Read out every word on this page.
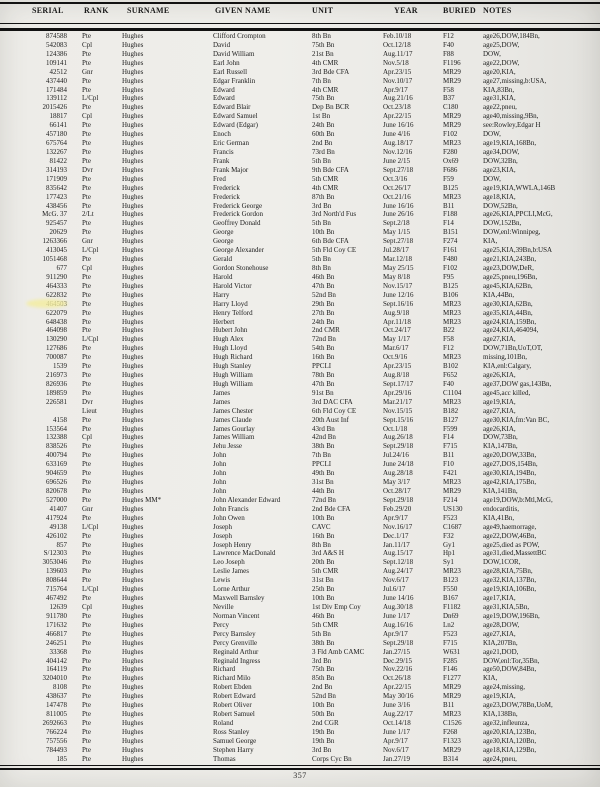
SERIAL	RANK SURNAME	GIVEN NAME	UNIT	YEAR	BURIED NOTES
874588	Pte	Hughes	Clifford Crompton	8th Bn	Feb.10/18	F12	age26,DOW,184Bn,
542083	Cpl	Hughes	David	75th Bn	Oct.12/18	F40	age25,DOW,
124386	Pte	Hughes	David William	21st Bn	Aug.11/17	F88	DOW,
109141	Pte	Hughes	Earl John	4th CMR	Nov.5/18	F1196	age22,DOW,
42512	Gnr	Hughes	Earl Russell	3rd Bde CFA	Apr.23/15	MR29	age20,KIA,
437440	Pte	Hughes	Edgar Franklin	7th Bn	Nov.10/17	MR29	age27,missing,b:USA,
171484	Pte	Hughes	Edward	4th CMR	Apr.9/17	F58	KIA,83Bn,
139112	L/Cpl	Hughes	Edward	75th Bn	Aug.21/16	B37	age31,KIA,
2015426	Pte	Hughes	Edward Blair	Dep Bn BCR	Oct.23/18	C180	age22,pneu,
18817	Cpl	Hughes	Edward Samuel	1st Bn	Apr.22/15	MR29	age40,missing,9Bn,
66141	Pte	Hughes	Edward (Edgar)	24th Bn	June 16/16	MR29	see:Rowley,Edgar H
457180	Pte	Hughes	Enoch	60th Bn	June 4/16	F102	DOW,
675764	Pte	Hughes	Eric German	2nd Bn	Aug.18/17	MR23	age19,KIA,168Bn,
132267	Pte	Hughes	Francis	73rd Bn	Nov.12/16	F280	age34,DOW,
81422	Pte	Hughes	Frank	5th Bn	June 2/15	Ox69	DOW,32Bn,
314193	Dvr	Hughes	Frank Major	9th Bde CFA	Sept.27/18	F686	age23,KIA,
171909	Pte	Hughes	Fred	5th CMR	Oct.3/16	F59	DOW,
835642	Pte	Hughes	Frederick	4th CMR	Oct.26/17	B125	age19,KIA,WWLA,146B
177423	Pte	Hughes	Frederick	87th Bn	Oct.21/16	MR23	age18,KIA,
438456	Pte	Hughes	Frederick George	3rd Bn	June 16/16	B11	DOW,52Bn,
McG. 37	2/Lt	Hughes	Frederick Gordon	3rd North'd Fus	June 26/16	F188	age26,KIA,PPCLI,McG,
925457	Pte	Hughes	Geoffrey Donald	5th Bn	Sept.2/18	F14	DOW,152Bn,
20629	Pte	Hughes	George	10th Bn	May 1/15	B151	DOW,enl:Winnipeg,
1263366	Gnr	Hughes	George	6th Bde CFA	Sept.27/18	F274	KIA,
413045	L/Cpl	Hughes	George Alexander	5th Fld Coy CE	Jul.28/17	F161	age25,KIA,39Bn,b:USA
1051468	Pte	Hughes	Gerald	5th Bn	Mar.12/18	F480	age21,KIA,243Bn,
677	Cpl	Hughes	Gordon Stonehouse	8th Bn	May 25/15	F102	age23,DOW,DeR,
911290	Pte	Hughes	Harold	46th Bn	May 8/18	F95	age25,pneu,196Bn,
464333	Pte	Hughes	Harold Victor	47th Bn	Nov.15/17	B125	age45,KIA,62Bn,
622832	Pte	Hughes	Harry	52nd Bn	June 12/16	B106	KIA,44Bn,
	Pte	Hughes	Harry Lloyd	29th Bn	Sept.16/16	MR23	age30,KIA,62Bn,
622079	Pte	Hughes	Henry Telford	27th Bn	Aug.9/18	MR23	age35,KIA,44Bn,
648438	Pte	Hughes	Herbert	24th Bn	Apr.11/18	MR23	age24,KIA,159Bn,
464098	Pte	Hughes	Hubert John	2nd CMR	Oct.24/17	B22	age24,KIA,464094,
130290	L/Cpl	Hughes	Hugh Alex	72nd Bn	May 1/17	F58	age27,KIA,
127686	Pte	Hughes	Hugh Lloyd	54th Bn	Mar.6/17	F12	DOW,71Bn,UoT,OT,
700087	Pte	Hughes	Hugh Richard	16th Bn	Oct.9/16	MR23	missing,101Bn,
1539	Pte	Hughes	Hugh Stanley	PPCLI	Apr.23/15	B102	KIA,enl:Calgary,
216973	Pte	Hughes	Hugh William	78th Bn	Aug.8/18	F652	age26,KIA,
826936	Pte	Hughes	Hugh William	47th Bn	Sept.17/17	F40	age37,DOW gas,143Bn,
189859	Pte	Hughes	James	91st Bn	Apr.29/16	C1104	age45,acc killed,
226581	Dvr	Hughes	James	3rd DAC CFA	Mar.21/17	MR23	age19,KIA,
	Lieut	Hughes	James Chester	6th Fld Coy CE	Nov.15/15	B182	age27,KIA,
4158	Pte	Hughes	James Claude	20th Aust Inf	Sept.15/16	B127	age30,KIA,fm:Van BC,
153564	Pte	Hughes	James Gourlay	43rd Bn	Oct.1/18	F599	age26,KIA,
132388	Cpl	Hughes	James William	42nd Bn	Aug.26/18	F14	DOW,73Bn,
838526	Pte	Hughes	Jehu Jesse	38th Bn	Sept.29/18	F715	KIA,147Bn,
400794	Pte	Hughes	John	7th Bn	Jul.24/16	B11	age20,DOW,33Bn,
633169	Pte	Hughes	John	PPCLI	June 24/18	F10	age27,DOS,154Bn,
904659	Pte	Hughes	John	49th Bn	Aug.28/18	F421	age30,KIA,194Bn,
696526	Pte	Hughes	John	31st Bn	May 3/17	MR23	age42,KIA,175Bn,
820678	Pte	Hughes	John	44th Bn	Oct.28/17	MR29	KIA,141Bn,
527000	Pte	Hughes MM*	John Alexander Edward	72nd Bn	Sept.29/18	F214	age19,DOW,b:Mtl,McG,
41407	Gnr	Hughes	John Francis	2nd Bde CFA	Feb.29/20	US130	endocarditis,
417924	Pte	Hughes	John Owen	10th Bn	Apr.9/17	F523	KIA,41Bn,
49138	L/Cpl	Hughes	Joseph	CAVC	Nov.16/17	C1687	age49,haemorrage,
426102	Pte	Hughes	Joseph	16th Bn	Dec.1/17	F32	age22,DOW,46Bn,
857	Pte	Hughes	Joseph Henry	8th Bn	Jan.11/17	Gy1	age25,died as POW,
S/12303	Pte	Hughes	Lawrence MacDonald	3rd A&S H	Aug.15/17	Hp1	age31,died,MassettBC
3053046	Pte	Hughes	Leo Joseph	20th Bn	Sept.12/18	Sy1	DOW,1COR,
139603	Pte	Hughes	Leslie James	5th CMR	Aug.24/17	MR23	age28,KIA,75Bn,
808644	Pte	Hughes	Lewis	31st Bn	Nov.6/17	B123	age32,KIA,137Bn,
715764	L/Cpl	Hughes	Lorne Arthur	25th Bn	Jul.6/17	F550	age19,KIA,106Bn,
467492	Pte	Hughes	Maxwell Barnsley	10th Bn	June 14/16	B167	age17,KIA,
12639	Cpl	Hughes	Neville	1st Div Emp Coy	Aug.30/18	F1182	age31,KIA,5Bn,
911780	Pte	Hughes	Norman Vincent	46th Bn	June 1/17	Dn69	age19,DOW,196Bn,
171632	Pte	Hughes	Percy	5th CMR	Aug.16/16	Ln2	age28,DOW,
466817	Pte	Hughes	Percy Barnsley	5th Bn	Apr.9/17	F523	age27,KIA,
246251	Pte	Hughes	Percy Grenville	38th Bn	Sept.29/18	F715	KIA,207Bn,
33368	Pte	Hughes	Reginald Arthur	3 Fld Amb CAMC	Jan.27/15	W631	age21,DOD,
404142	Pte	Hughes	Reginald Ingress	3rd Bn	Dec.29/15	F285	DOW,enl:Tor,35Bn,
164119	Pte	Hughes	Richard	75th Bn	Nov.22/16	F146	age50,DOW,84Bn,
3204010	Pte	Hughes	Richard Milo	85th Bn	Oct.26/18	F1277	KIA,
8108	Pte	Hughes	Robert Ebden	2nd Bn	Apr.22/15	MR29	age24,missing,
438637	Pte	Hughes	Robert Edward	52nd Bn	May 30/16	MR29	age19,KIA,
147478	Pte	Hughes	Robert Oliver	10th Bn	June 3/16	B11	age23,DOW,78Bn,UoM,
811005	Pte	Hughes	Robert Samuel	50th Bn	Aug.22/17	MR23	KIA,138Bn,
2692663	Pte	Hughes	Roland	2nd CGR	Oct.14/18	C1526	age32,infleunza,
766224	Pte	Hughes	Ross Stanley	19th Bn	June 1/17	F268	age20,KIA,123Bn,
757556	Pte	Hughes	Samuel George	19th Bn	Apr.9/17	F1323	age30,KIA,120Bn,
784493	Pte	Hughes	Stephen Harry	3rd Bn	Nov.6/17	MR29	age18,KIA,129Bn,
185	Pte	Hughes	Thomas	Corps Cyc Bn	Jan.27/19	B314	age24,pneu,
357
